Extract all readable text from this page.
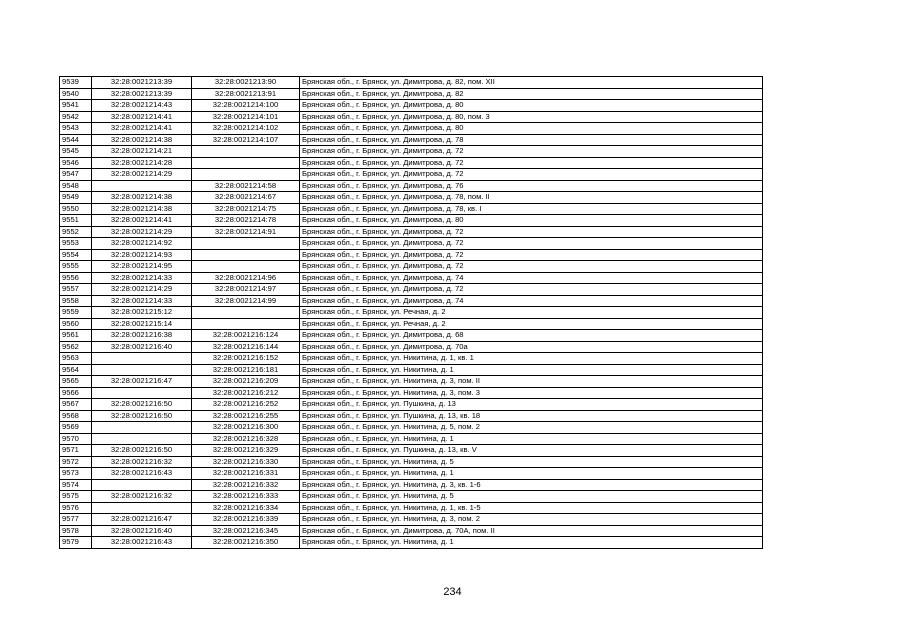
9539	32:28:0021213:39	32:28:0021213:90	Брянская обл., г. Брянск, ул. Димитрова, д. 82, пом. XII
9540	32:28:0021213:39	32:28:0021213:91	Брянская обл., г. Брянск, ул. Димитрова, д. 82
9541	32:28:0021214:43	32:28:0021214:100	Брянская обл., г. Брянск, ул. Димитрова, д. 80
9542	32:28:0021214:41	32:28:0021214:101	Брянская обл., г. Брянск, ул. Димитрова, д. 80, пом. 3
9543	32:28:0021214:41	32:28:0021214:102	Брянская обл., г. Брянск, ул. Димитрова, д. 80
9544	32:28:0021214:38	32:28:0021214:107	Брянская обл., г. Брянск, ул. Димитрова, д. 78
9545	32:28:0021214:21		Брянская обл., г. Брянск, ул. Димитрова, д. 72
9546	32:28:0021214:28		Брянская обл., г. Брянск, ул. Димитрова, д. 72
9547	32:28:0021214:29		Брянская обл., г. Брянск, ул. Димитрова, д. 72
9548		32:28:0021214:58	Брянская обл., г. Брянск, ул. Димитрова, д. 76
9549	32:28:0021214:38	32:28:0021214:67	Брянская обл., г. Брянск, ул. Димитрова, д. 78, пом. II
9550	32:28:0021214:38	32:28:0021214:75	Брянская обл., г. Брянск, ул. Димитрова, д. 78, кв. I
9551	32:28:0021214:41	32:28:0021214:78	Брянская обл., г. Брянск, ул. Димитрова, д. 80
9552	32:28:0021214:29	32:28:0021214:91	Брянская обл., г. Брянск, ул. Димитрова, д. 72
9553	32:28:0021214:92		Брянская обл., г. Брянск, ул. Димитрова, д. 72
9554	32:28:0021214:93		Брянская обл., г. Брянск, ул. Димитрова, д. 72
9555	32:28:0021214:95		Брянская обл., г. Брянск, ул. Димитрова, д. 72
9556	32:28:0021214:33	32:28:0021214:96	Брянская обл., г. Брянск, ул. Димитрова, д. 74
9557	32:28:0021214:29	32:28:0021214:97	Брянская обл., г. Брянск, ул. Димитрова, д. 72
9558	32:28:0021214:33	32:28:0021214:99	Брянская обл., г. Брянск, ул. Димитрова, д. 74
9559	32:28:0021215:12		Брянская обл., г. Брянск, ул. Речная, д. 2
9560	32:28:0021215:14		Брянская обл., г. Брянск, ул. Речная, д. 2
9561	32:28:0021216:38	32:28:0021216:124	Брянская обл., г. Брянск, ул. Димитрова, д. 68
9562	32:28:0021216:40	32:28:0021216:144	Брянская обл., г. Брянск, ул. Димитрова, д. 70а
9563		32:28:0021216:152	Брянская обл., г. Брянск, ул. Никитина, д. 1, кв. 1
9564		32:28:0021216:181	Брянская обл., г. Брянск, ул. Никитина, д. 1
9565	32:28:0021216:47	32:28:0021216:209	Брянская обл., г. Брянск, ул. Никитина, д. 3, пом. II
9566		32:28:0021216:212	Брянская обл., г. Брянск, ул. Никитина, д. 3, пом. 3
9567	32:28:0021216:50	32:28:0021216:252	Брянская обл., г. Брянск, ул. Пушкина, д. 13
9568	32:28:0021216:50	32:28:0021216:255	Брянская обл., г. Брянск, ул. Пушкина, д. 13, кв. 18
9569		32:28:0021216:300	Брянская обл., г. Брянск, ул. Никитина, д. 5, пом. 2
9570		32:28:0021216:328	Брянская обл., г. Брянск, ул. Никитина, д. 1
9571	32:28:0021216:50	32:28:0021216:329	Брянская обл., г. Брянск, ул. Пушкина, д. 13, кв. V
9572	32:28:0021216:32	32:28:0021216:330	Брянская обл., г. Брянск, ул. Никитина, д. 5
9573	32:28:0021216:43	32:28:0021216:331	Брянская обл., г. Брянск, ул. Никитина, д. 1
9574		32:28:0021216:332	Брянская обл., г. Брянск, ул. Никитина, д. 3, кв. 1-6
9575	32:28:0021216:32	32:28:0021216:333	Брянская обл., г. Брянск, ул. Никитина, д. 5
9576		32:28:0021216:334	Брянская обл., г. Брянск, ул. Никитина, д. 1, кв. 1-5
9577	32:28:0021216:47	32:28:0021216:339	Брянская обл., г. Брянск, ул. Никитина, д. 3, пом. 2
9578	32:28:0021216:40	32:28:0021216:345	Брянская обл., г. Брянск, ул. Димитрова, д. 70А, пом. II
9579	32:28:0021216:43	32:28:0021216:350	Брянская обл., г. Брянск, ул. Никитина, д. 1
234
